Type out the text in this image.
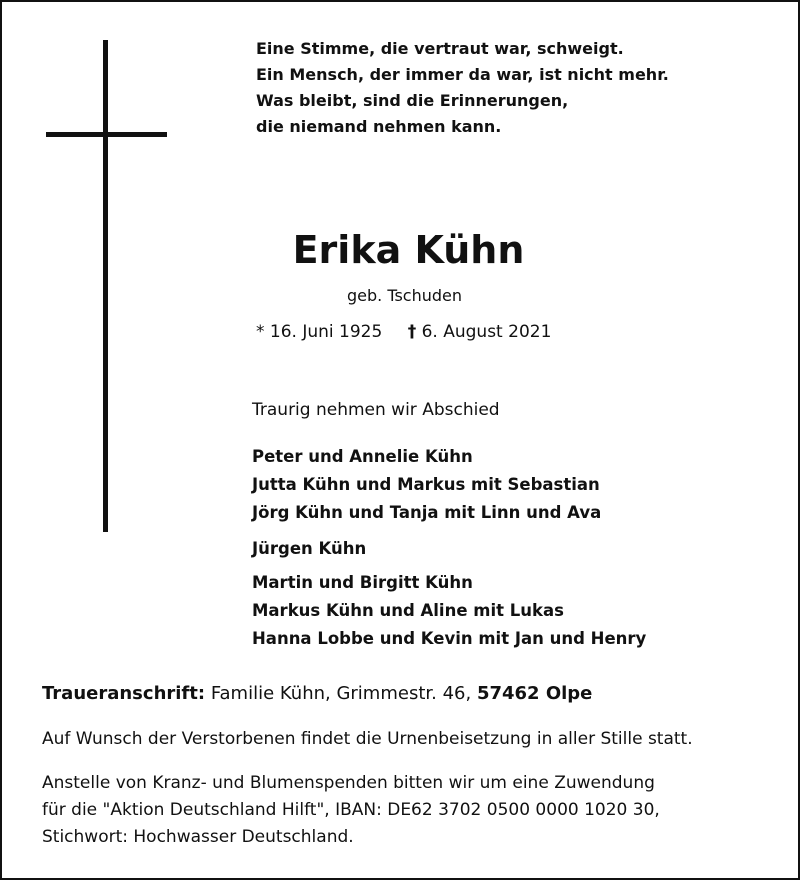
Eine Stimme, die vertraut war, schweigt.
Ein Mensch, der immer da war, ist nicht mehr.
Was bleibt, sind die Erinnerungen,
die niemand nehmen kann.
Erika Kühn
geb. Tschuden
* 16. Juni 1925 † 6. August 2021
Traurig nehmen wir Abschied
Peter und Annelie Kühn
Jutta Kühn und Markus mit Sebastian
Jörg Kühn und Tanja mit Linn und Ava
Jürgen Kühn
Martin und Birgitt Kühn
Markus Kühn und Aline mit Lukas
Hanna Lobbe und Kevin mit Jan und Henry
Traueranschrift: Familie Kühn, Grimmestr. 46, 57462 Olpe
Auf Wunsch der Verstorbenen findet die Urnenbeisetzung in aller Stille statt.
Anstelle von Kranz- und Blumenspenden bitten wir um eine Zuwendung
für die "Aktion Deutschland Hilft", IBAN: DE62 3702 0500 0000 1020 30,
Stichwort: Hochwasser Deutschland.
